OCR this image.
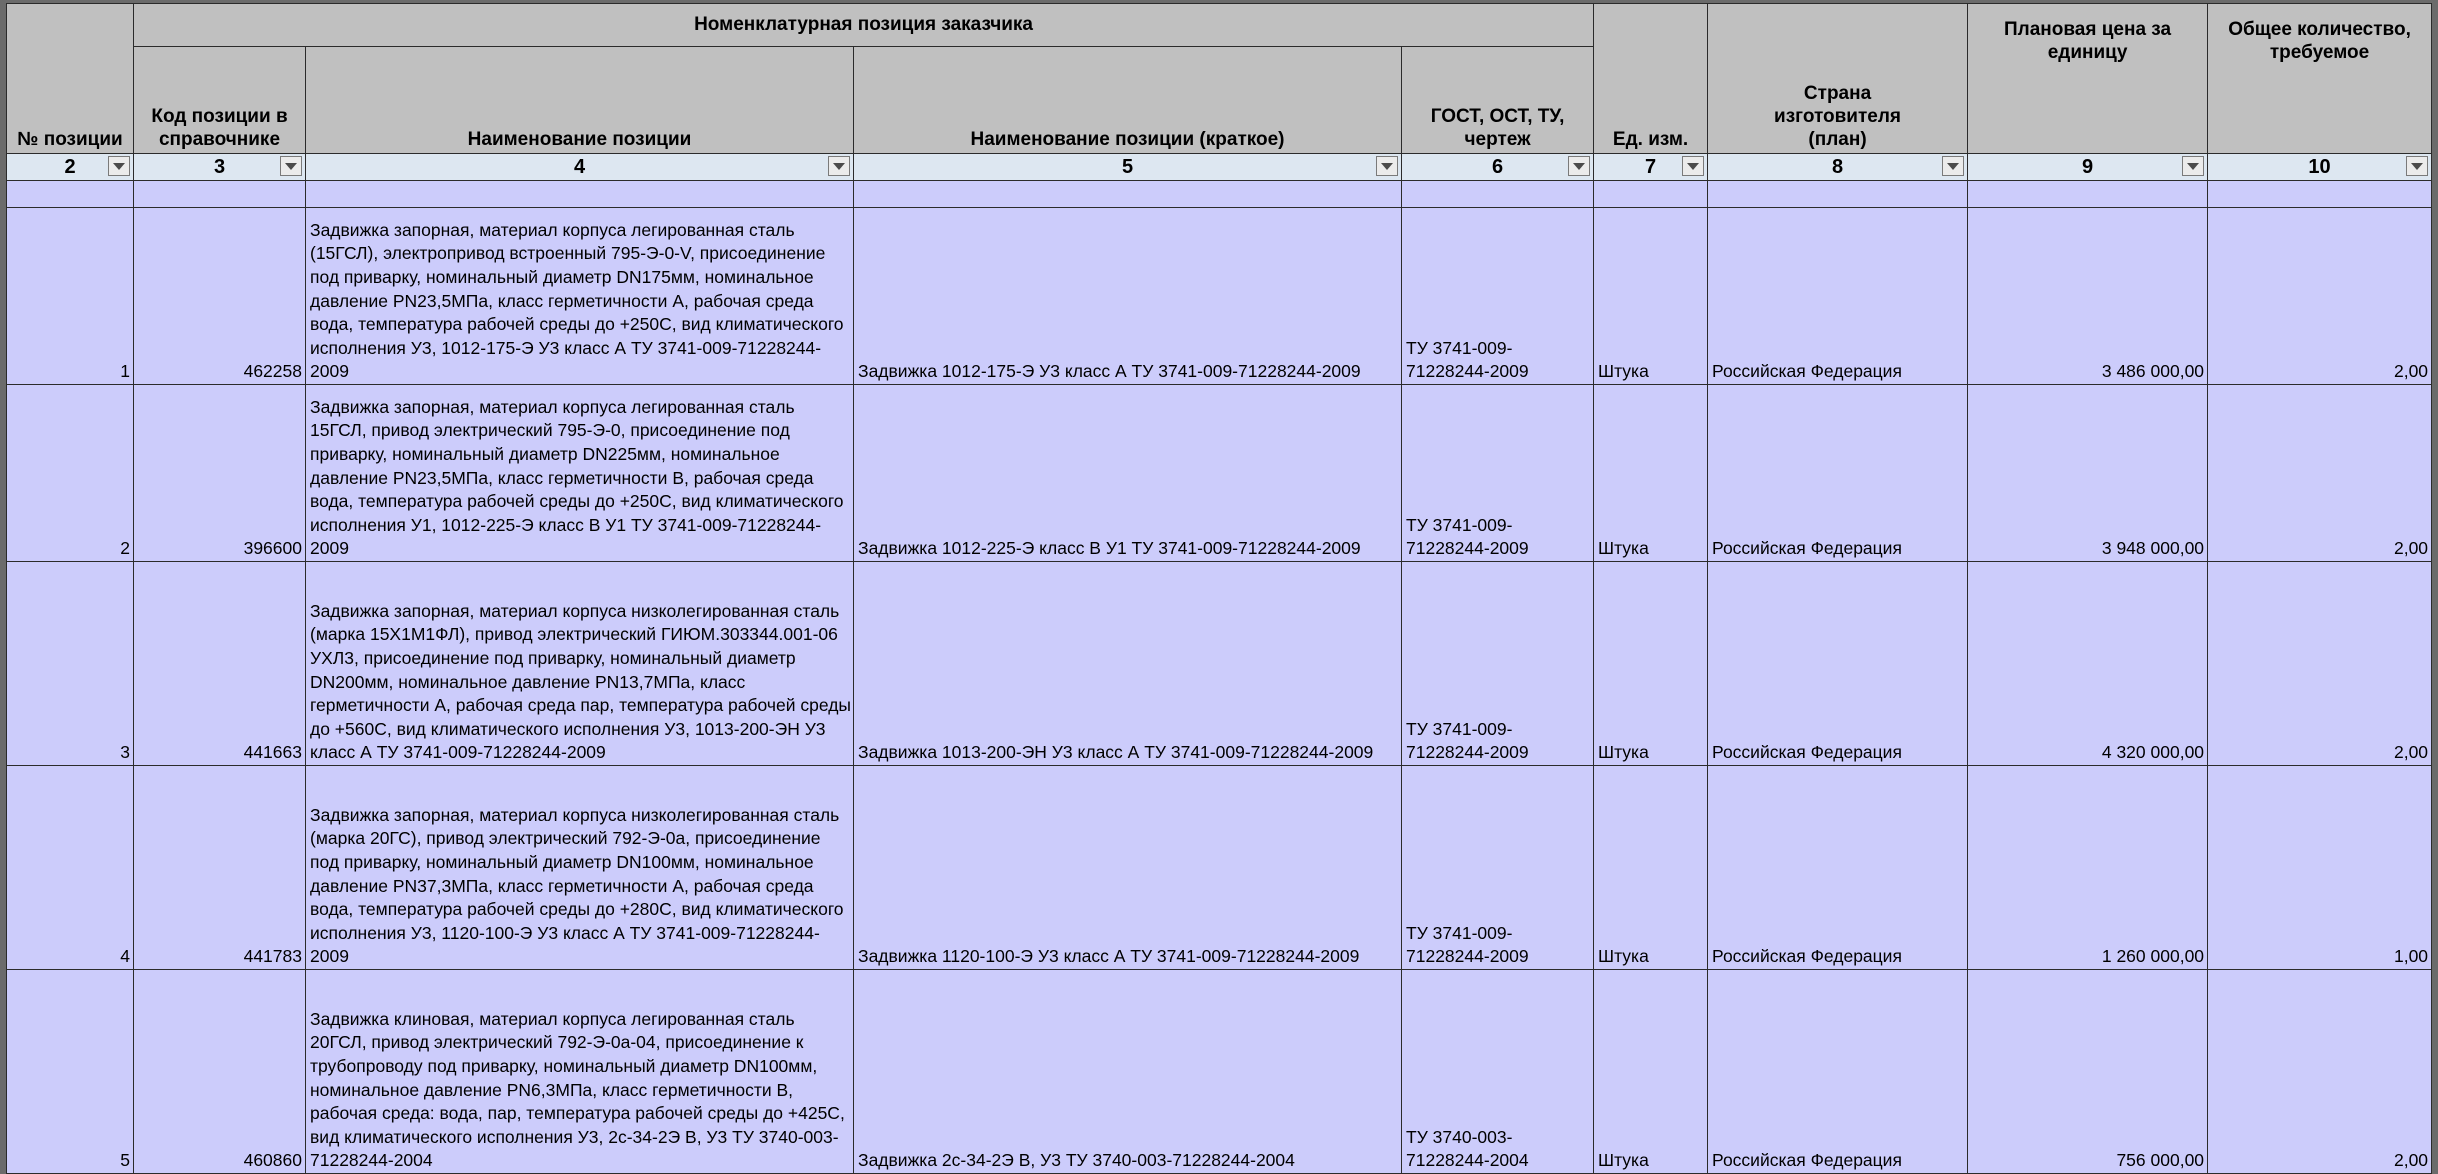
№ позиции	Номенклатурная позиция заказчика				Ед. изм.	Страна изготовителя (план)	Плановая цена за единицу	Общее количество, требуемое
	Код позиции в справочнике	Наименование позиции	Наименование позиции (краткое)	ГОСТ, ОСТ, ТУ, чертеж				
2	3	4	5	6	7	8	9	10

1	462258	Задвижка запорная, материал корпуса легированная сталь (15ГСЛ), электропривод встроенный 795-Э-0-V, присоединение под приварку, номинальный диаметр DN175мм, номинальное давление PN23,5МПа, класс герметичности А, рабочая среда вода, температура рабочей среды до +250С, вид климатического исполнения У3, 1012-175-Э У3 класс А ТУ 3741-009-71228244-2009	Задвижка 1012-175-Э У3 класс А ТУ 3741-009-71228244-2009	ТУ 3741-009-71228244-2009	Штука	Российская Федерация	3 486 000,00	2,00
2	396600	Задвижка запорная, материал корпуса легированная сталь 15ГСЛ, привод электрический 795-Э-0, присоединение под приварку, номинальный диаметр DN225мм, номинальное давление PN23,5МПа, класс герметичности В, рабочая среда вода, температура рабочей среды до +250С, вид климатического исполнения У1, 1012-225-Э класс В У1 ТУ 3741-009-71228244-2009	Задвижка 1012-225-Э класс В У1 ТУ 3741-009-71228244-2009	ТУ 3741-009-71228244-2009	Штука	Российская Федерация	3 948 000,00	2,00
3	441663	Задвижка запорная, материал корпуса низколегированная сталь (марка 15Х1М1ФЛ), привод электрический ГИЮМ.303344.001-06 УХЛ3, присоединение под приварку, номинальный диаметр DN200мм, номинальное давление PN13,7МПа, класс герметичности А, рабочая среда пар, температура рабочей среды до +560С, вид климатического исполнения У3, 1013-200-ЭН У3 класс А ТУ 3741-009-71228244-2009	Задвижка 1013-200-ЭН У3 класс А ТУ 3741-009-71228244-2009	ТУ 3741-009-71228244-2009	Штука	Российская Федерация	4 320 000,00	2,00
4	441783	Задвижка запорная, материал корпуса низколегированная сталь (марка 20ГС), привод электрический 792-Э-0а, присоединение под приварку, номинальный диаметр DN100мм, номинальное давление PN37,3МПа, класс герметичности А, рабочая среда вода, температура рабочей среды до +280С, вид климатического исполнения У3, 1120-100-Э У3 класс А ТУ 3741-009-71228244-2009	Задвижка 1120-100-Э У3 класс А ТУ 3741-009-71228244-2009	ТУ 3741-009-71228244-2009	Штука	Российская Федерация	1 260 000,00	1,00
5	460860	Задвижка клиновая, материал корпуса легированная сталь 20ГСЛ, привод электрический 792-Э-0а-04, присоединение к трубопроводу под приварку, номинальный диаметр DN100мм, номинальное давление PN6,3МПа, класс герметичности В, рабочая среда: вода, пар, температура рабочей среды до +425С, вид климатического исполнения У3, 2с-34-2Э В, У3 ТУ 3740-003-71228244-2004	Задвижка 2с-34-2Э В, У3 ТУ 3740-003-71228244-2004	ТУ 3740-003-71228244-2004	Штука	Российская Федерация	756 000,00	2,00
